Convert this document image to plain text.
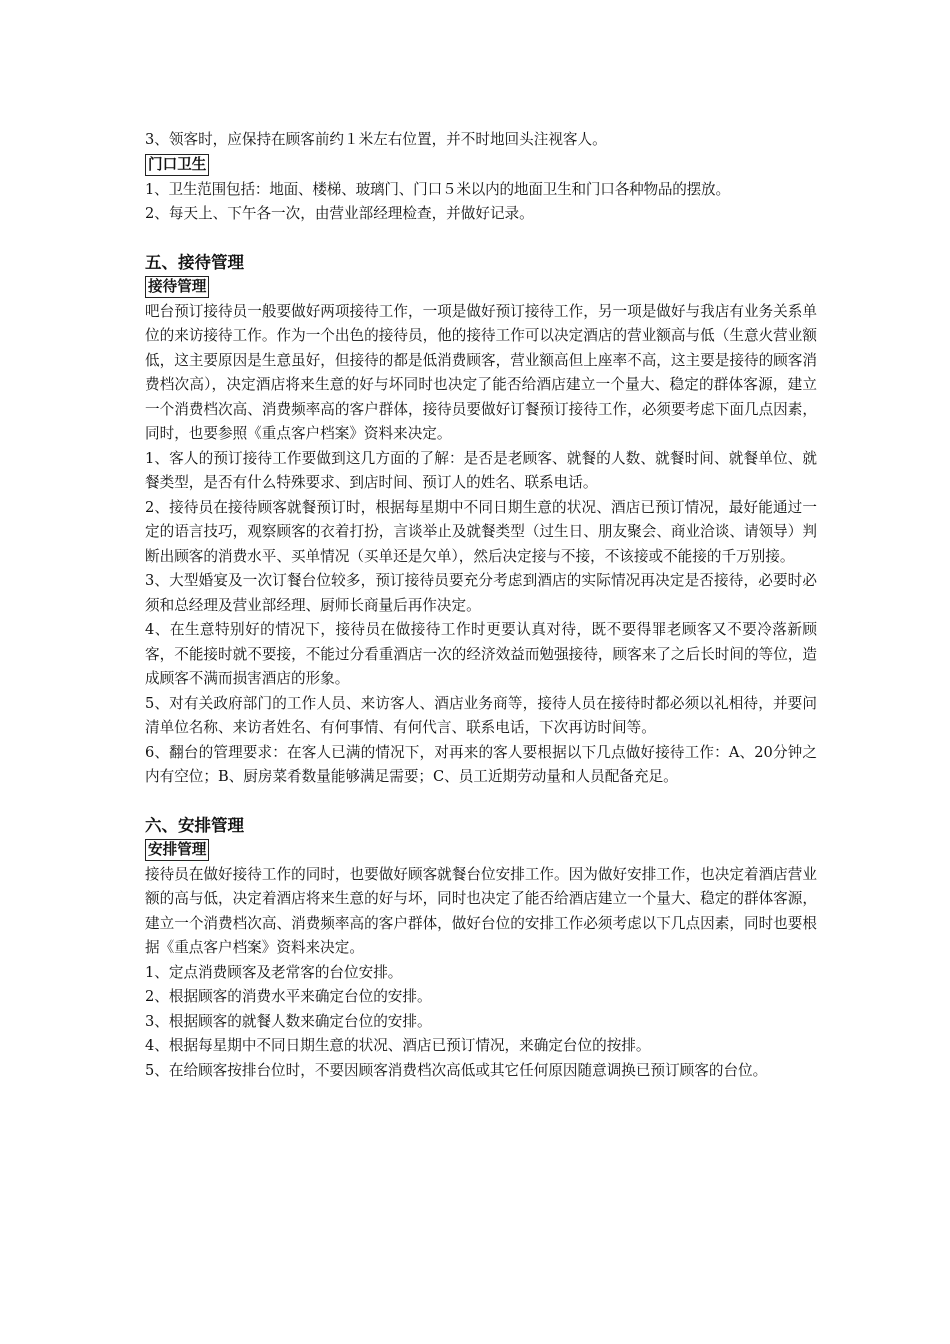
3、领客时，应保持在顾客前约１米左右位置，并不时地回头注视客人。

门口卫生

1、卫生范围包括：地面、楼梯、玻璃门、门口５米以内的地面卫生和门口各种物品的摆放。

2、每天上、下午各一次，由营业部经理检查，并做好记录。

五、接待管理
接待管理

吧台预订接待员一般要做好两项接待工作，一项是做好预订接待工作，另一项是做好与我店有业务关系单位的来访接待工作。作为一个出色的接待员，他的接待工作可以决定酒店的营业额高与低（生意火营业额低，这主要原因是生意虽好，但接待的都是低消费顾客，营业额高但上座率不高，这主要是接待的顾客消费档次高），决定酒店将来生意的好与坏同时也决定了能否给酒店建立一个量大、稳定的群体客源，建立一个消费档次高、消费频率高的客户群体，接待员要做好订餐预订接待工作，必须要考虑下面几点因素，同时，也要参照《重点客户档案》资料来决定。

1、客人的预订接待工作要做到这几方面的了解：是否是老顾客、就餐的人数、就餐时间、就餐单位、就餐类型，是否有什么特殊要求、到店时间、预订人的姓名、联系电话。

2、接待员在接待顾客就餐预订时，根据每星期中不同日期生意的状况、酒店已预订情况，最好能通过一定的语言技巧，观察顾客的衣着打扮，言谈举止及就餐类型（过生日、朋友聚会、商业洽谈、请领导）判断出顾客的消费水平、买单情况（买单还是欠单），然后决定接与不接，不该接或不能接的千万别接。

3、大型婚宴及一次订餐台位较多，预订接待员要充分考虑到酒店的实际情况再决定是否接待，必要时必须和总经理及营业部经理、厨师长商量后再作决定。

4、在生意特别好的情况下，接待员在做接待工作时更要认真对待，既不要得罪老顾客又不要冷落新顾客，不能接时就不要接，不能过分看重酒店一次的经济效益而勉强接待，顾客来了之后长时间的等位，造成顾客不满而损害酒店的形象。

5、对有关政府部门的工作人员、来访客人、酒店业务商等，接待人员在接待时都必须以礼相待，并要问清单位名称、来访者姓名、有何事情、有何代言、联系电话，下次再访时间等。

6、翻台的管理要求：在客人已满的情况下，对再来的客人要根据以下几点做好接待工作：A、20分钟之内有空位；B、厨房菜肴数量能够满足需要；C、员工近期劳动量和人员配备充足。

六、安排管理
安排管理

接待员在做好接待工作的同时，也要做好顾客就餐台位安排工作。因为做好安排工作，也决定着酒店营业额的高与低，决定着酒店将来生意的好与坏，同时也决定了能否给酒店建立一个量大、稳定的群体客源，建立一个消费档次高、消费频率高的客户群体，做好台位的安排工作必须考虑以下几点因素，同时也要根据《重点客户档案》资料来决定。

1、定点消费顾客及老常客的台位安排。

2、根据顾客的消费水平来确定台位的安排。

3、根据顾客的就餐人数来确定台位的安排。

4、根据每星期中不同日期生意的状况、酒店已预订情况，来确定台位的按排。

5、在给顾客按排台位时，不要因顾客消费档次高低或其它任何原因随意调换已预订顾客的台位。
